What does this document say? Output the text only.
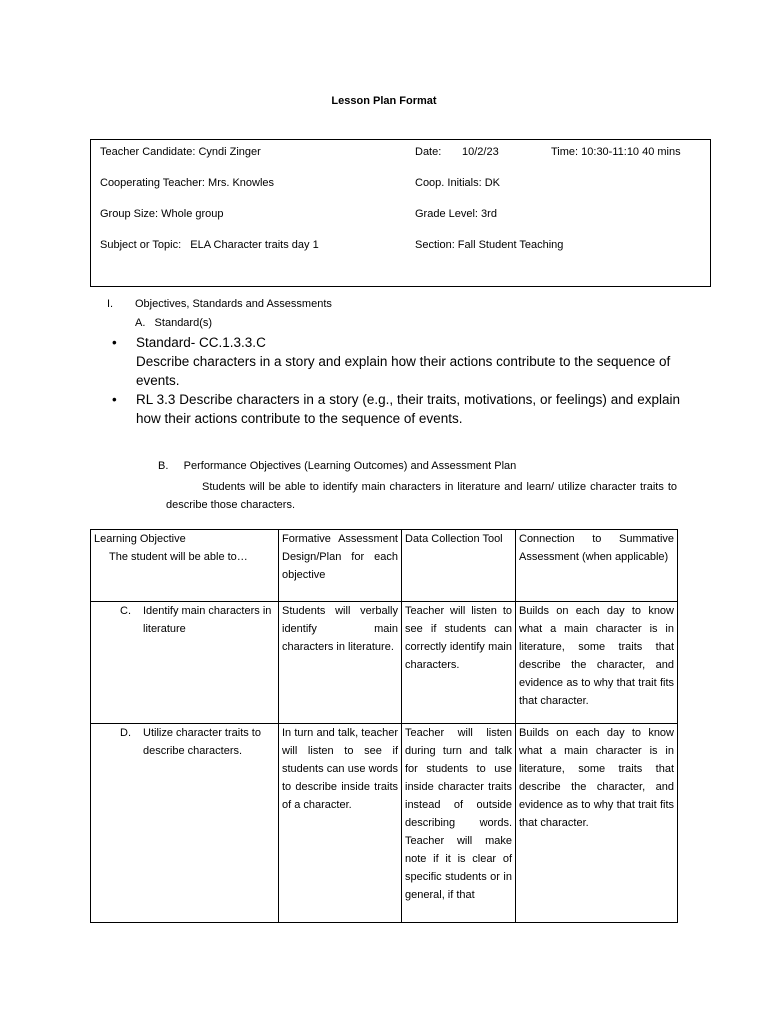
Lesson Plan Format
Teacher Candidate: Cyndi Zinger	Date: 10/2/23	Time: 10:30-11:10 40 mins
Cooperating Teacher: Mrs. Knowles	Coop. Initials: DK
Group Size: Whole group	Grade Level: 3rd
Subject or Topic:   ELA Character traits day 1	Section: Fall Student Teaching
I. Objectives, Standards and Assessments
A.   Standard(s)
• Standard- CC.1.3.3.C
Describe characters in a story and explain how their actions contribute to the sequence of events.
• RL 3.3 Describe characters in a story (e.g., their traits, motivations, or feelings) and explain how their actions contribute to the sequence of events.
B.     Performance Objectives (Learning Outcomes) and Assessment Plan
Students will be able to identify main characters in literature and learn/ utilize character traits to describe those characters.
Learning Objective
The student will be able to…	Formative Assessment Design/Plan for each objective	Data Collection Tool	Connection to Summative Assessment (when applicable)

C. Identify main characters in literature	Students will verbally identify main characters in literature.	Teacher will listen to see if students can correctly identify main characters.	Builds on each day to know what a main character is in literature, some traits that describe the character, and evidence as to why that trait fits that character.

D. Utilize character traits to describe characters.	In turn and talk, teacher will listen to see if students can use words to describe inside traits of a character.	Teacher will listen during turn and talk for students to use inside character traits instead of outside describing words. Teacher will make note if it is clear of specific students or in general, if that	Builds on each day to know what a main character is in literature, some traits that describe the character, and evidence as to why that trait fits that character.
